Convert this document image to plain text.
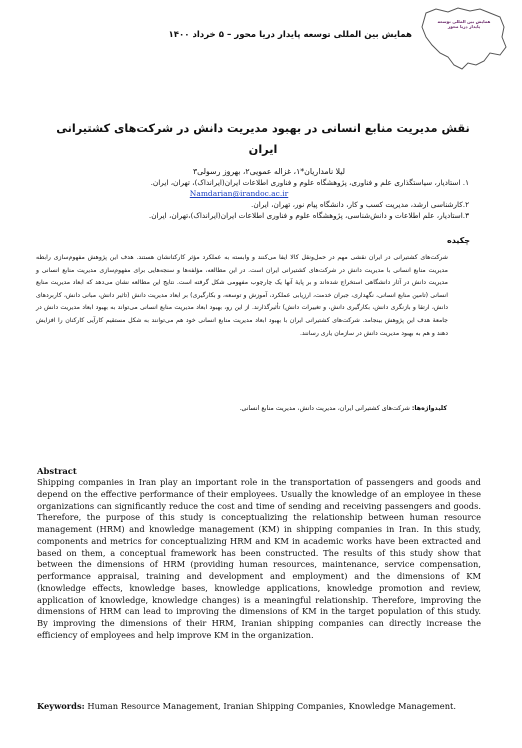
همایش بین المللی توسعه پایدار دریا محور
همایش بین المللی توسعه پایدار دریا محور – ۵ خرداد ۱۴۰۰
نقش مدیریت منابع انسانی در بهبود مدیریت دانش در شرکت‌های کشتیرانی
ایران
لیلا نامداریان*۱، غزاله عمویی۲، بهروز رسولی۳
۱. استادیار، سیاستگذاری علم و فناوری، پژوهشگاه علوم و فناوری اطلاعات ایران(ایرانداک)، تهران، ایران.
Namdarian@irandoc.ac.ir
۲.کارشناسی ارشد، مدیریت کسب و کار، دانشگاه پیام نور، تهران، ایران.
۳.استادیار، علم اطلاعات و دانش‌شناسی، پژوهشگاه علوم و فناوری اطلاعات ایران(ایرانداک)،تهران، ایران.
چکیده
شرکت‌های کشتیرانی در ایران نقشی مهم در حمل‌ونقل کالا ایفا می‌کنند و وابسته به عملکرد مؤثر کارکنانشان هستند. هدف این پژوهش مفهوم‌سازی رابطه مدیریت منابع انسانی با مدیریت دانش در شرکت‌های کشتیرانی ایران است. در این مطالعه، مؤلفه‌ها و سنجه‌هایی برای مفهوم‌سازی مدیریت منابع انسانی و مدیریت دانش در آثار دانشگاهی استخراج شده‌اند و بر پایهٔ آنها یک چارچوب مفهومی شکل گرفته است. نتایج این مطالعه نشان می‌دهد که ابعاد مدیریت منابع انسانی (تامین منابع انسانی، نگهداری، جبران خدمت، ارزیابی عملکرد، آموزش و توسعه، و بکارگیری) بر ابعاد مدیریت دانش (تاثیر دانش، مبانی دانش، کاربردهای دانش، ارتقا و بازنگری دانش، بکارگیری دانش، و تغییرات دانش) تأثیرگذارند. از این رو، بهبود ابعاد مدیریت منابع انسانی می‌تواند به بهبود ابعاد مدیریت دانش در جامعهٔ هدف این پژوهش بینجامد. شرکت‌های کشتیرانی ایران با بهبود ابعاد مدیریت منابع انسانی خود هم می‌توانند به شکل مستقیم کارآیی کارکنان را افزایش دهند و هم به بهبود مدیریت دانش در سازمان یاری رسانند.
کلیدواژه‌ها: شرکت‌های کشتیرانی ایران، مدیریت دانش، مدیریت منابع انسانی.
Abstract
Shipping companies in Iran play an important role in the transportation of passengers and goods and depend on the effective performance of their employees. Usually the knowledge of an employee in these organizations can significantly reduce the cost and time of sending and receiving passengers and goods. Therefore, the purpose of this study is conceptualizing the relationship between human resource management (HRM) and knowledge management (KM) in shipping companies in Iran. In this study, components and metrics for conceptualizing HRM and KM in academic works have been extracted and based on them, a conceptual framework has been constructed. The results of this study show that between the dimensions of HRM (providing human resources, maintenance, service compensation, performance appraisal, training and development and employment) and the dimensions of KM (knowledge effects, knowledge bases, knowledge applications, knowledge promotion and review, application of knowledge, knowledge changes) is a meaningful relationship. Therefore, improving the dimensions of HRM can lead to improving the dimensions of KM in the target population of this study. By improving the dimensions of their HRM, Iranian shipping companies can directly increase the efficiency of employees and help improve KM in the organization.
Keywords: Human Resource Management, Iranian Shipping Companies, Knowledge Management.
